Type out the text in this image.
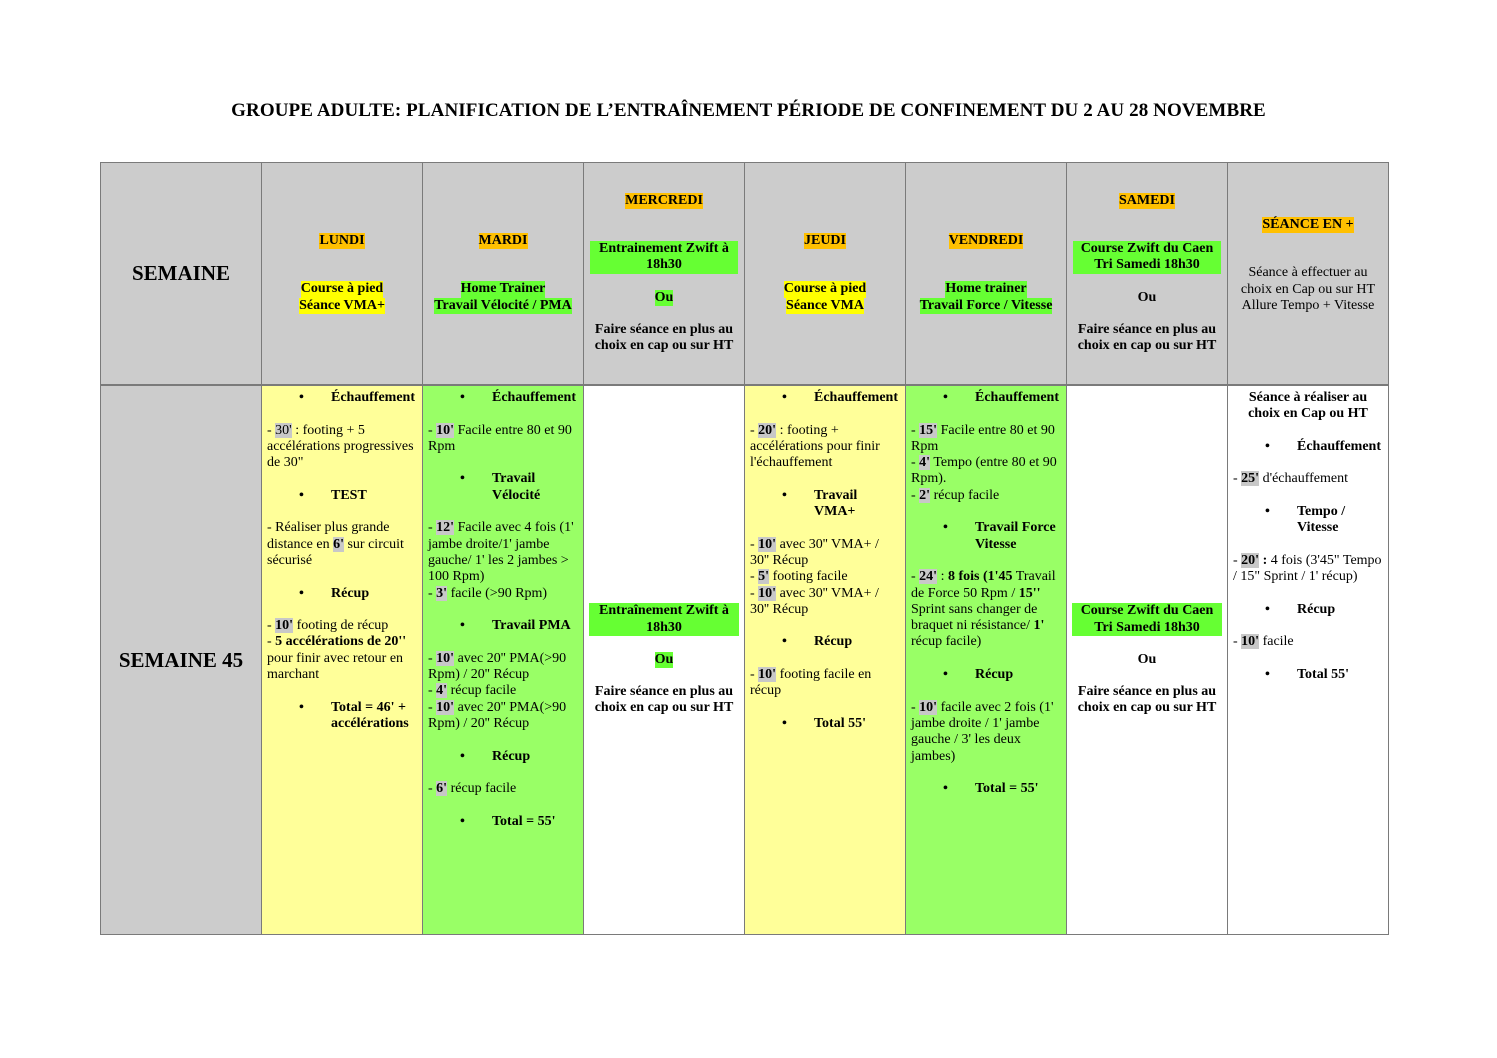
GROUPE ADULTE: PLANIFICATION DE L’ENTRAÎNEMENT PÉRIODE DE CONFINEMENT DU 2 AU 28 NOVEMBRE
SEMAINE
LUNDI
Course à pied
Séance VMA+
MARDI
Home Trainer
Travail Vélocité / PMA
MERCREDI
Entrainement Zwift à 18h30
Ou
Faire séance en plus au choix en cap ou sur HT
JEUDI
Course à pied
Séance VMA
VENDREDI
Home trainer
Travail Force / Vitesse
SAMEDI
Course Zwift du Caen Tri Samedi 18h30
Ou
Faire séance en plus au choix en cap ou sur HT
SÉANCE EN +
Séance à effectuer au choix en Cap ou sur HT Allure Tempo + Vitesse
SEMAINE 45
• Échauffement
- 30' : footing + 5 accélérations progressives de 30"
• TEST
- Réaliser plus grande distance en 6' sur circuit sécurisé
• Récup
- 10' footing de récup
- 5 accélérations de 20'' pour finir avec retour en marchant
• Total = 46' + accélérations
• Échauffement
- 10' Facile entre 80 et 90 Rpm
• Travail Vélocité
- 12' Facile avec 4 fois (1' jambe droite/1' jambe gauche/ 1' les 2 jambes > 100 Rpm)
- 3' facile (>90 Rpm)
• Travail PMA
- 10' avec 20'' PMA(>90 Rpm) / 20'' Récup
- 4' récup facile
- 10' avec 20'' PMA(>90 Rpm) / 20'' Récup
• Récup
- 6' récup facile
• Total = 55'
Entraînement Zwift à 18h30
Ou
Faire séance en plus au choix en cap ou sur HT
• Échauffement
- 20' : footing + accélérations pour finir l'échauffement
• Travail VMA+
- 10' avec 30'' VMA+ / 30'' Récup
- 5' footing facile
- 10' avec 30'' VMA+ / 30'' Récup
• Récup
- 10' footing facile en récup
• Total 55'
• Échauffement
- 15' Facile entre 80 et 90 Rpm
- 4' Tempo (entre 80 et 90 Rpm).
- 2' récup facile
• Travail Force Vitesse
- 24' : 8 fois (1'45 Travail de Force 50 Rpm / 15'' Sprint sans changer de braquet ni résistance/ 1' récup facile)
• Récup
- 10' facile avec 2 fois (1' jambe droite / 1' jambe gauche / 3' les deux jambes)
• Total = 55'
Course Zwift du Caen Tri Samedi 18h30
Ou
Faire séance en plus au choix en cap ou sur HT
Séance à réaliser au choix en Cap ou HT
• Échauffement
- 25' d'échauffement
• Tempo / Vitesse
- 20' : 4 fois (3'45" Tempo / 15" Sprint / 1' récup)
• Récup
- 10' facile
• Total 55'
